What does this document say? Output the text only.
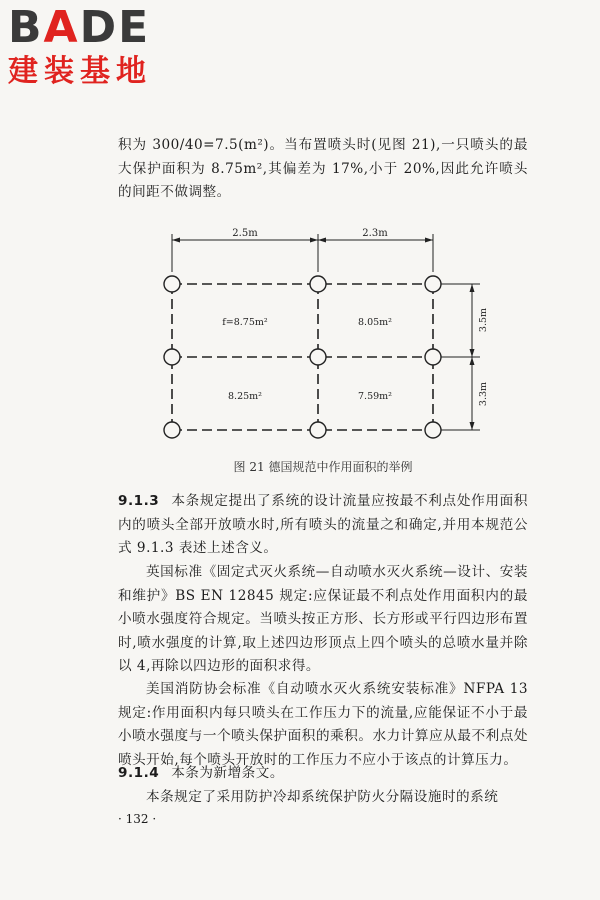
BADE
建装基地

积为 300/40=7.5(m²)。当布置喷头时(见图 21),一只喷头的最大保护面积为 8.75m²,其偏差为 17%,小于 20%,因此允许喷头的间距不做调整。

2.5m	2.3m
f=8.75m²	8.05m²
8.25m²	7.59m²
3.5m
3.3m
图 21 德国规范中作用面积的举例

9.1.3 本条规定提出了系统的设计流量应按最不利点处作用面积内的喷头全部开放喷水时,所有喷头的流量之和确定,并用本规范公式 9.1.3 表述上述含义。

英国标准《固定式灭火系统—自动喷水灭火系统—设计、安装和维护》BS EN 12845 规定:应保证最不利点处作用面积内的最小喷水强度符合规定。当喷头按正方形、长方形或平行四边形布置时,喷水强度的计算,取上述四边形顶点上四个喷头的总喷水量并除以 4,再除以四边形的面积求得。

美国消防协会标准《自动喷水灭火系统安装标准》NFPA 13 规定:作用面积内每只喷头在工作压力下的流量,应能保证不小于最小喷水强度与一个喷头保护面积的乘积。水力计算应从最不利点处喷头开始,每个喷头开放时的工作压力不应小于该点的计算压力。

9.1.4 本条为新增条文。

本条规定了采用防护冷却系统保护防火分隔设施时的系统

· 132 ·
